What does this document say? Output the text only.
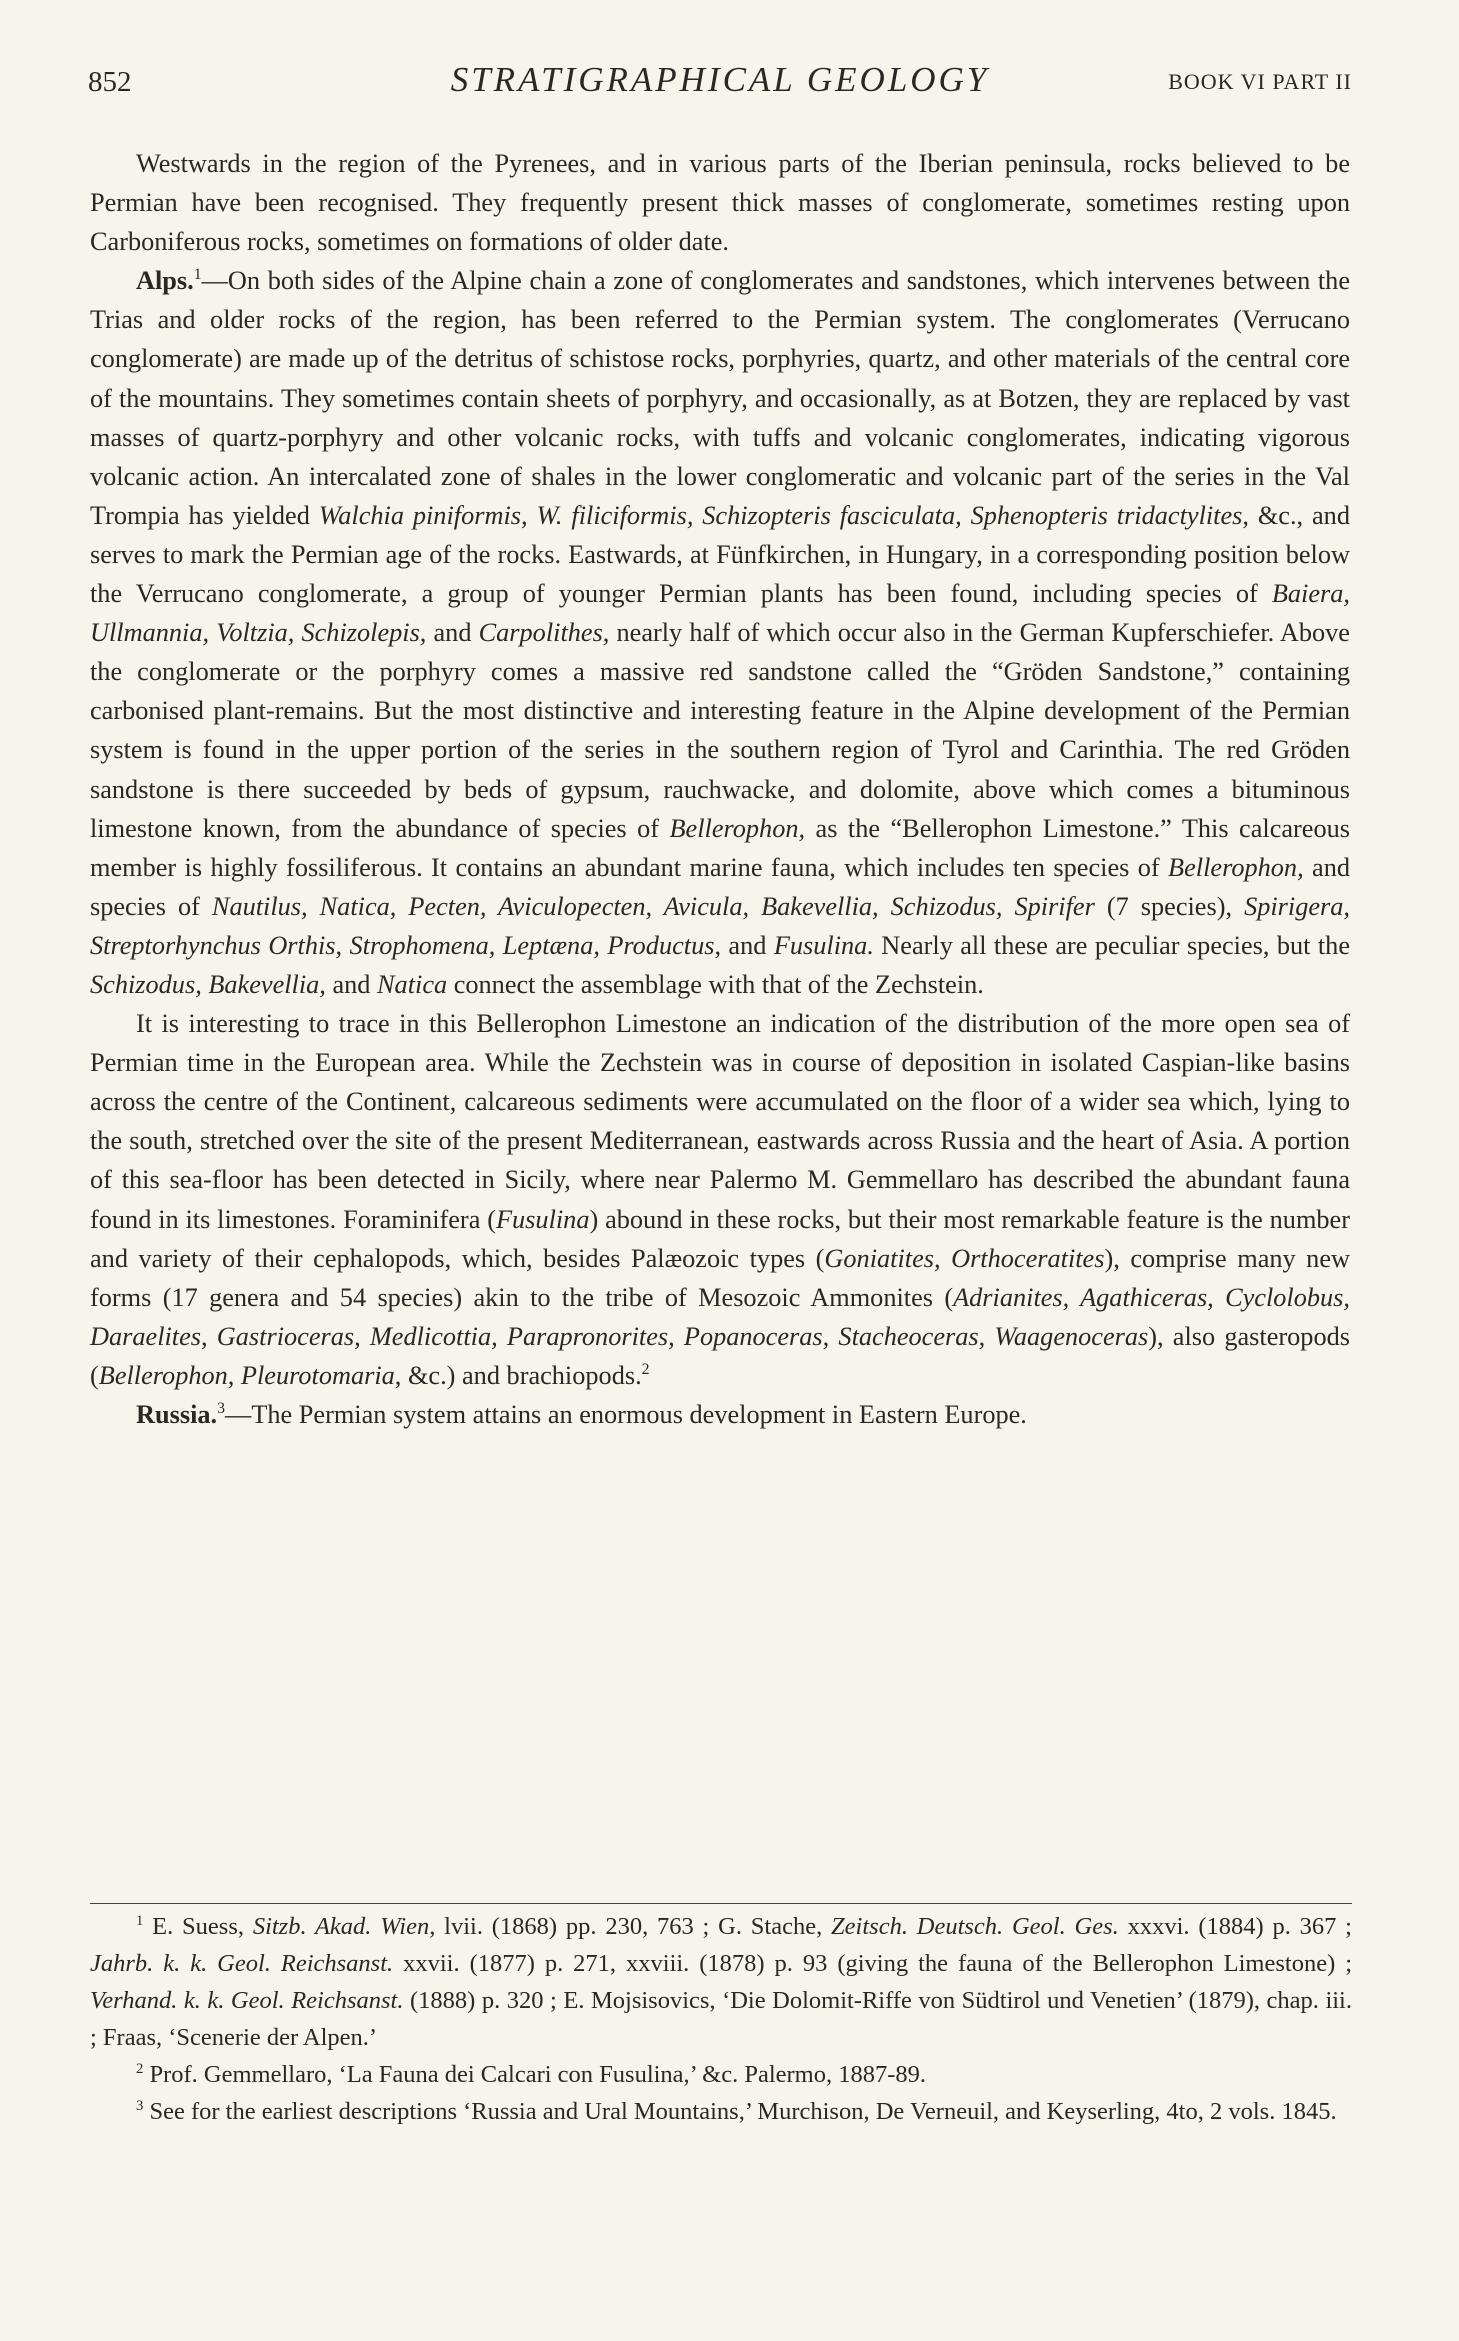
852	STRATIGRAPHICAL GEOLOGY	BOOK VI PART II

Westwards in the region of the Pyrenees, and in various parts of the Iberian peninsula, rocks believed to be Permian have been recognised. They frequently present thick masses of conglomerate, sometimes resting upon Carboniferous rocks, sometimes on formations of older date.

Alps.$^1$—On both sides of the Alpine chain a zone of conglomerates and sandstones, which intervenes between the Trias and older rocks of the region, has been referred to the Permian system. The conglomerates (Verrucano conglomerate) are made up of the detritus of schistose rocks, porphyries, quartz, and other materials of the central core of the mountains. They sometimes contain sheets of porphyry, and occasionally, as at Botzen, they are replaced by vast masses of quartz-porphyry and other volcanic rocks, with tuffs and volcanic conglomerates, indicating vigorous volcanic action. An intercalated zone of shales in the lower conglomeratic and volcanic part of the series in the Val Trompia has yielded Walchia piniformis, W. filiciformis, Schizopteris fasciculata, Sphenopteris tridactylites, &c., and serves to mark the Permian age of the rocks. Eastwards, at Fünfkirchen, in Hungary, in a corresponding position below the Verrucano conglomerate, a group of younger Permian plants has been found, including species of Baiera, Ullmannia, Voltzia, Schizolepis, and Carpolithes, nearly half of which occur also in the German Kupferschiefer. Above the conglomerate or the porphyry comes a massive red sandstone called the “Gröden Sandstone,” containing carbonised plant-remains. But the most distinctive and interesting feature in the Alpine development of the Permian system is found in the upper portion of the series in the southern region of Tyrol and Carinthia. The red Gröden sandstone is there succeeded by beds of gypsum, rauchwacke, and dolomite, above which comes a bituminous limestone known, from the abundance of species of Bellerophon, as the “Bellerophon Limestone.” This calcareous member is highly fossiliferous. It contains an abundant marine fauna, which includes ten species of Bellerophon, and species of Nautilus, Natica, Pecten, Aviculopecten, Avicula, Bakevellia, Schizodus, Spirifer (7 species), Spirigera, Streptorhynchus Orthis, Strophomena, Leptæna, Productus, and Fusulina. Nearly all these are peculiar species, but the Schizodus, Bakevellia, and Natica connect the assemblage with that of the Zechstein.

It is interesting to trace in this Bellerophon Limestone an indication of the distribution of the more open sea of Permian time in the European area. While the Zechstein was in course of deposition in isolated Caspian-like basins across the centre of the Continent, calcareous sediments were accumulated on the floor of a wider sea which, lying to the south, stretched over the site of the present Mediterranean, eastwards across Russia and the heart of Asia. A portion of this sea-floor has been detected in Sicily, where near Palermo M. Gemmellaro has described the abundant fauna found in its limestones. Foraminifera (Fusulina) abound in these rocks, but their most remarkable feature is the number and variety of their cephalopods, which, besides Palæozoic types (Goniatites, Orthoceratites), comprise many new forms (17 genera and 54 species) akin to the tribe of Mesozoic Ammonites (Adrianites, Agathiceras, Cyclolobus, Daraelites, Gastrioceras, Medlicottia, Parapronorites, Popanoceras, Stacheoceras, Waagenoceras), also gasteropods (Bellerophon, Pleurotomaria, &c.) and brachiopods.$^2$

Russia.$^3$—The Permian system attains an enormous development in Eastern Europe.

$^1$ E. Suess, Sitzb. Akad. Wien, lvii. (1868) pp. 230, 763 ; G. Stache, Zeitsch. Deutsch. Geol. Ges. xxxvi. (1884) p. 367 ; Jahrb. k. k. Geol. Reichsanst. xxvii. (1877) p. 271, xxviii. (1878) p. 93 (giving the fauna of the Bellerophon Limestone) ; Verhand. k. k. Geol. Reichsanst. (1888) p. 320 ; E. Mojsisovics, ‘Die Dolomit-Riffe von Südtirol und Venetien’ (1879), chap. iii. ; Fraas, ‘Scenerie der Alpen.’

$^2$ Prof. Gemmellaro, ‘La Fauna dei Calcari con Fusulina,’ &c. Palermo, 1887-89.

$^3$ See for the earliest descriptions ‘Russia and Ural Mountains,’ Murchison, De Verneuil, and Keyserling, 4to, 2 vols. 1845.
